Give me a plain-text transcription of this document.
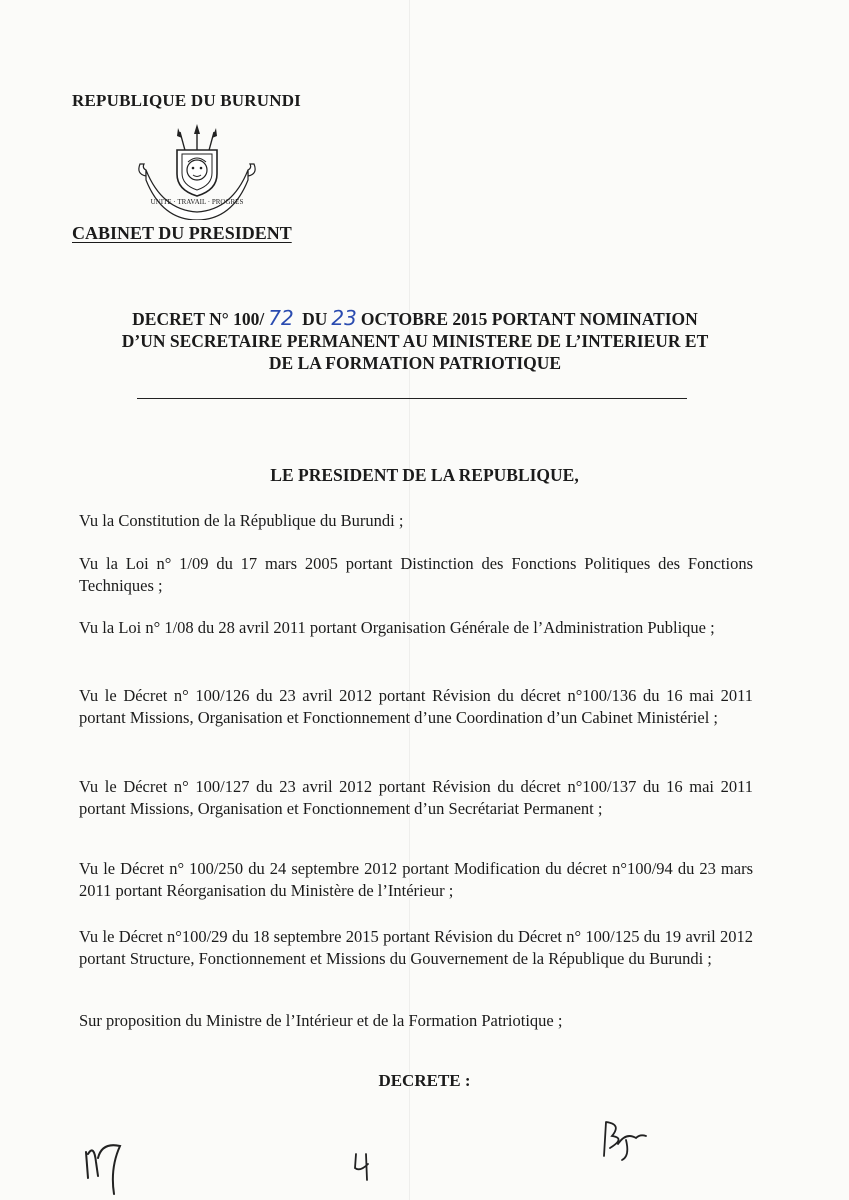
REPUBLIQUE DU BURUNDI
UNITE · TRAVAIL · PROGRES
CABINET DU PRESIDENT
DECRET N° 100/ 72 DU 23 OCTOBRE 2015 PORTANT NOMINATION
D’UN SECRETAIRE PERMANENT AU MINISTERE DE L’INTERIEUR ET
DE LA FORMATION PATRIOTIQUE
LE PRESIDENT DE LA REPUBLIQUE,
Vu la Constitution de la République du Burundi ;
Vu la Loi n° 1/09 du 17 mars 2005 portant Distinction des Fonctions Politiques des Fonctions Techniques ;
Vu la Loi n° 1/08 du 28 avril 2011 portant Organisation Générale de l’Administration Publique ;
Vu le Décret n° 100/126 du 23 avril 2012 portant Révision du décret n°100/136 du 16 mai 2011 portant Missions, Organisation et Fonctionnement d’une Coordination d’un Cabinet Ministériel ;
Vu le Décret n° 100/127 du 23 avril 2012 portant Révision du décret n°100/137 du 16 mai 2011 portant Missions, Organisation et Fonctionnement d’un Secrétariat Permanent ;
Vu le Décret n° 100/250 du 24 septembre 2012 portant Modification du décret n°100/94 du 23 mars 2011 portant Réorganisation du Ministère de l’Intérieur ;
Vu le Décret n°100/29 du 18 septembre 2015 portant Révision du Décret n° 100/125 du 19 avril 2012 portant Structure, Fonctionnement et Missions du Gouvernement de la République du Burundi ;
Sur proposition du Ministre de l’Intérieur et de la Formation Patriotique ;
DECRETE :
